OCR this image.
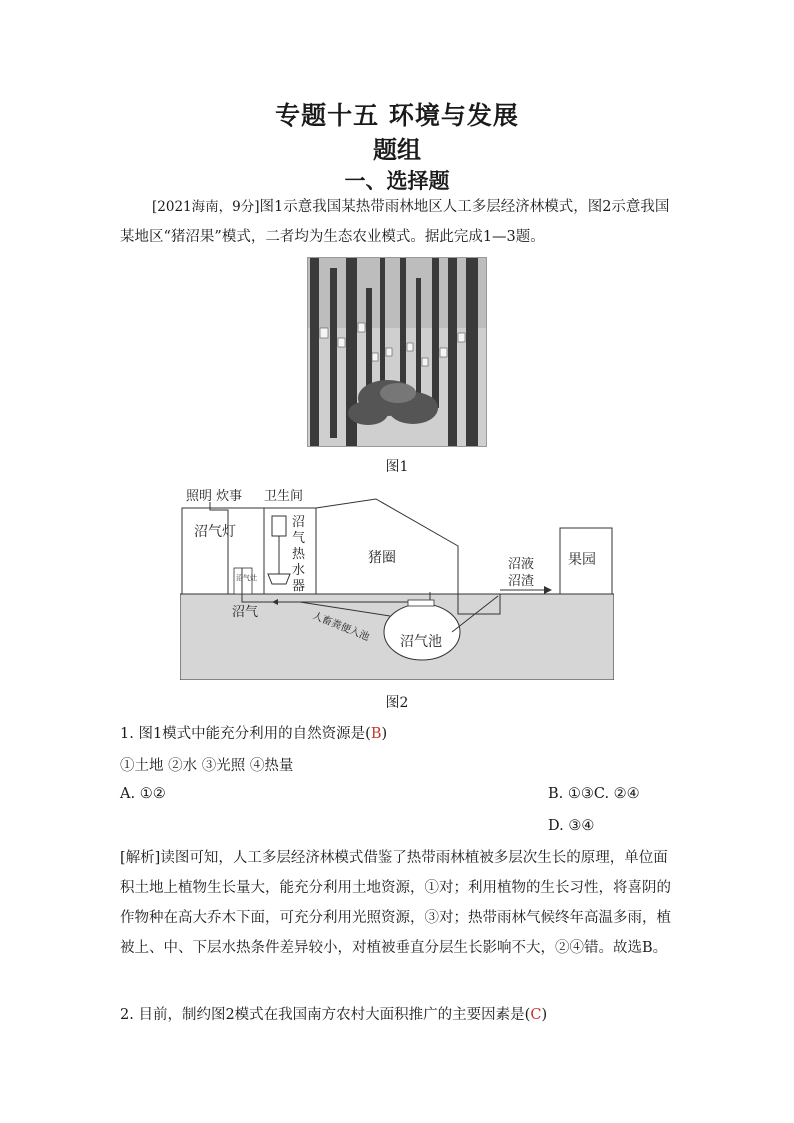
专题十五 环境与发展
题组
一、选择题
[2021海南，9分]图1示意我国某热带雨林地区人工多层经济林模式，图2示意我国某地区“猪沼果”模式，二者均为生态农业模式。据此完成1—3题。
图1
照明 炊事 卫生间
沼气灯
沼气灶
沼
气
热
水
器
猪圈	沼液
沼渣
果园
沼气	人畜粪便入池 沼气池
图2
1. 图1模式中能充分利用的自然资源是(B)
①土地 ②水 ③光照 ④热量
A. ①②	B. ①③C. ②④
D. ③④
[解析]读图可知，人工多层经济林模式借鉴了热带雨林植被多层次生长的原理，单位面积土地上植物生长量大，能充分利用土地资源，①对；利用植物的生长习性，将喜阴的作物种在高大乔木下面，可充分利用光照资源，③对；热带雨林气候终年高温多雨，植被上、中、下层水热条件差异较小，对植被垂直分层生长影响不大，②④错。故选B。
2. 目前，制约图2模式在我国南方农村大面积推广的主要因素是(C)
